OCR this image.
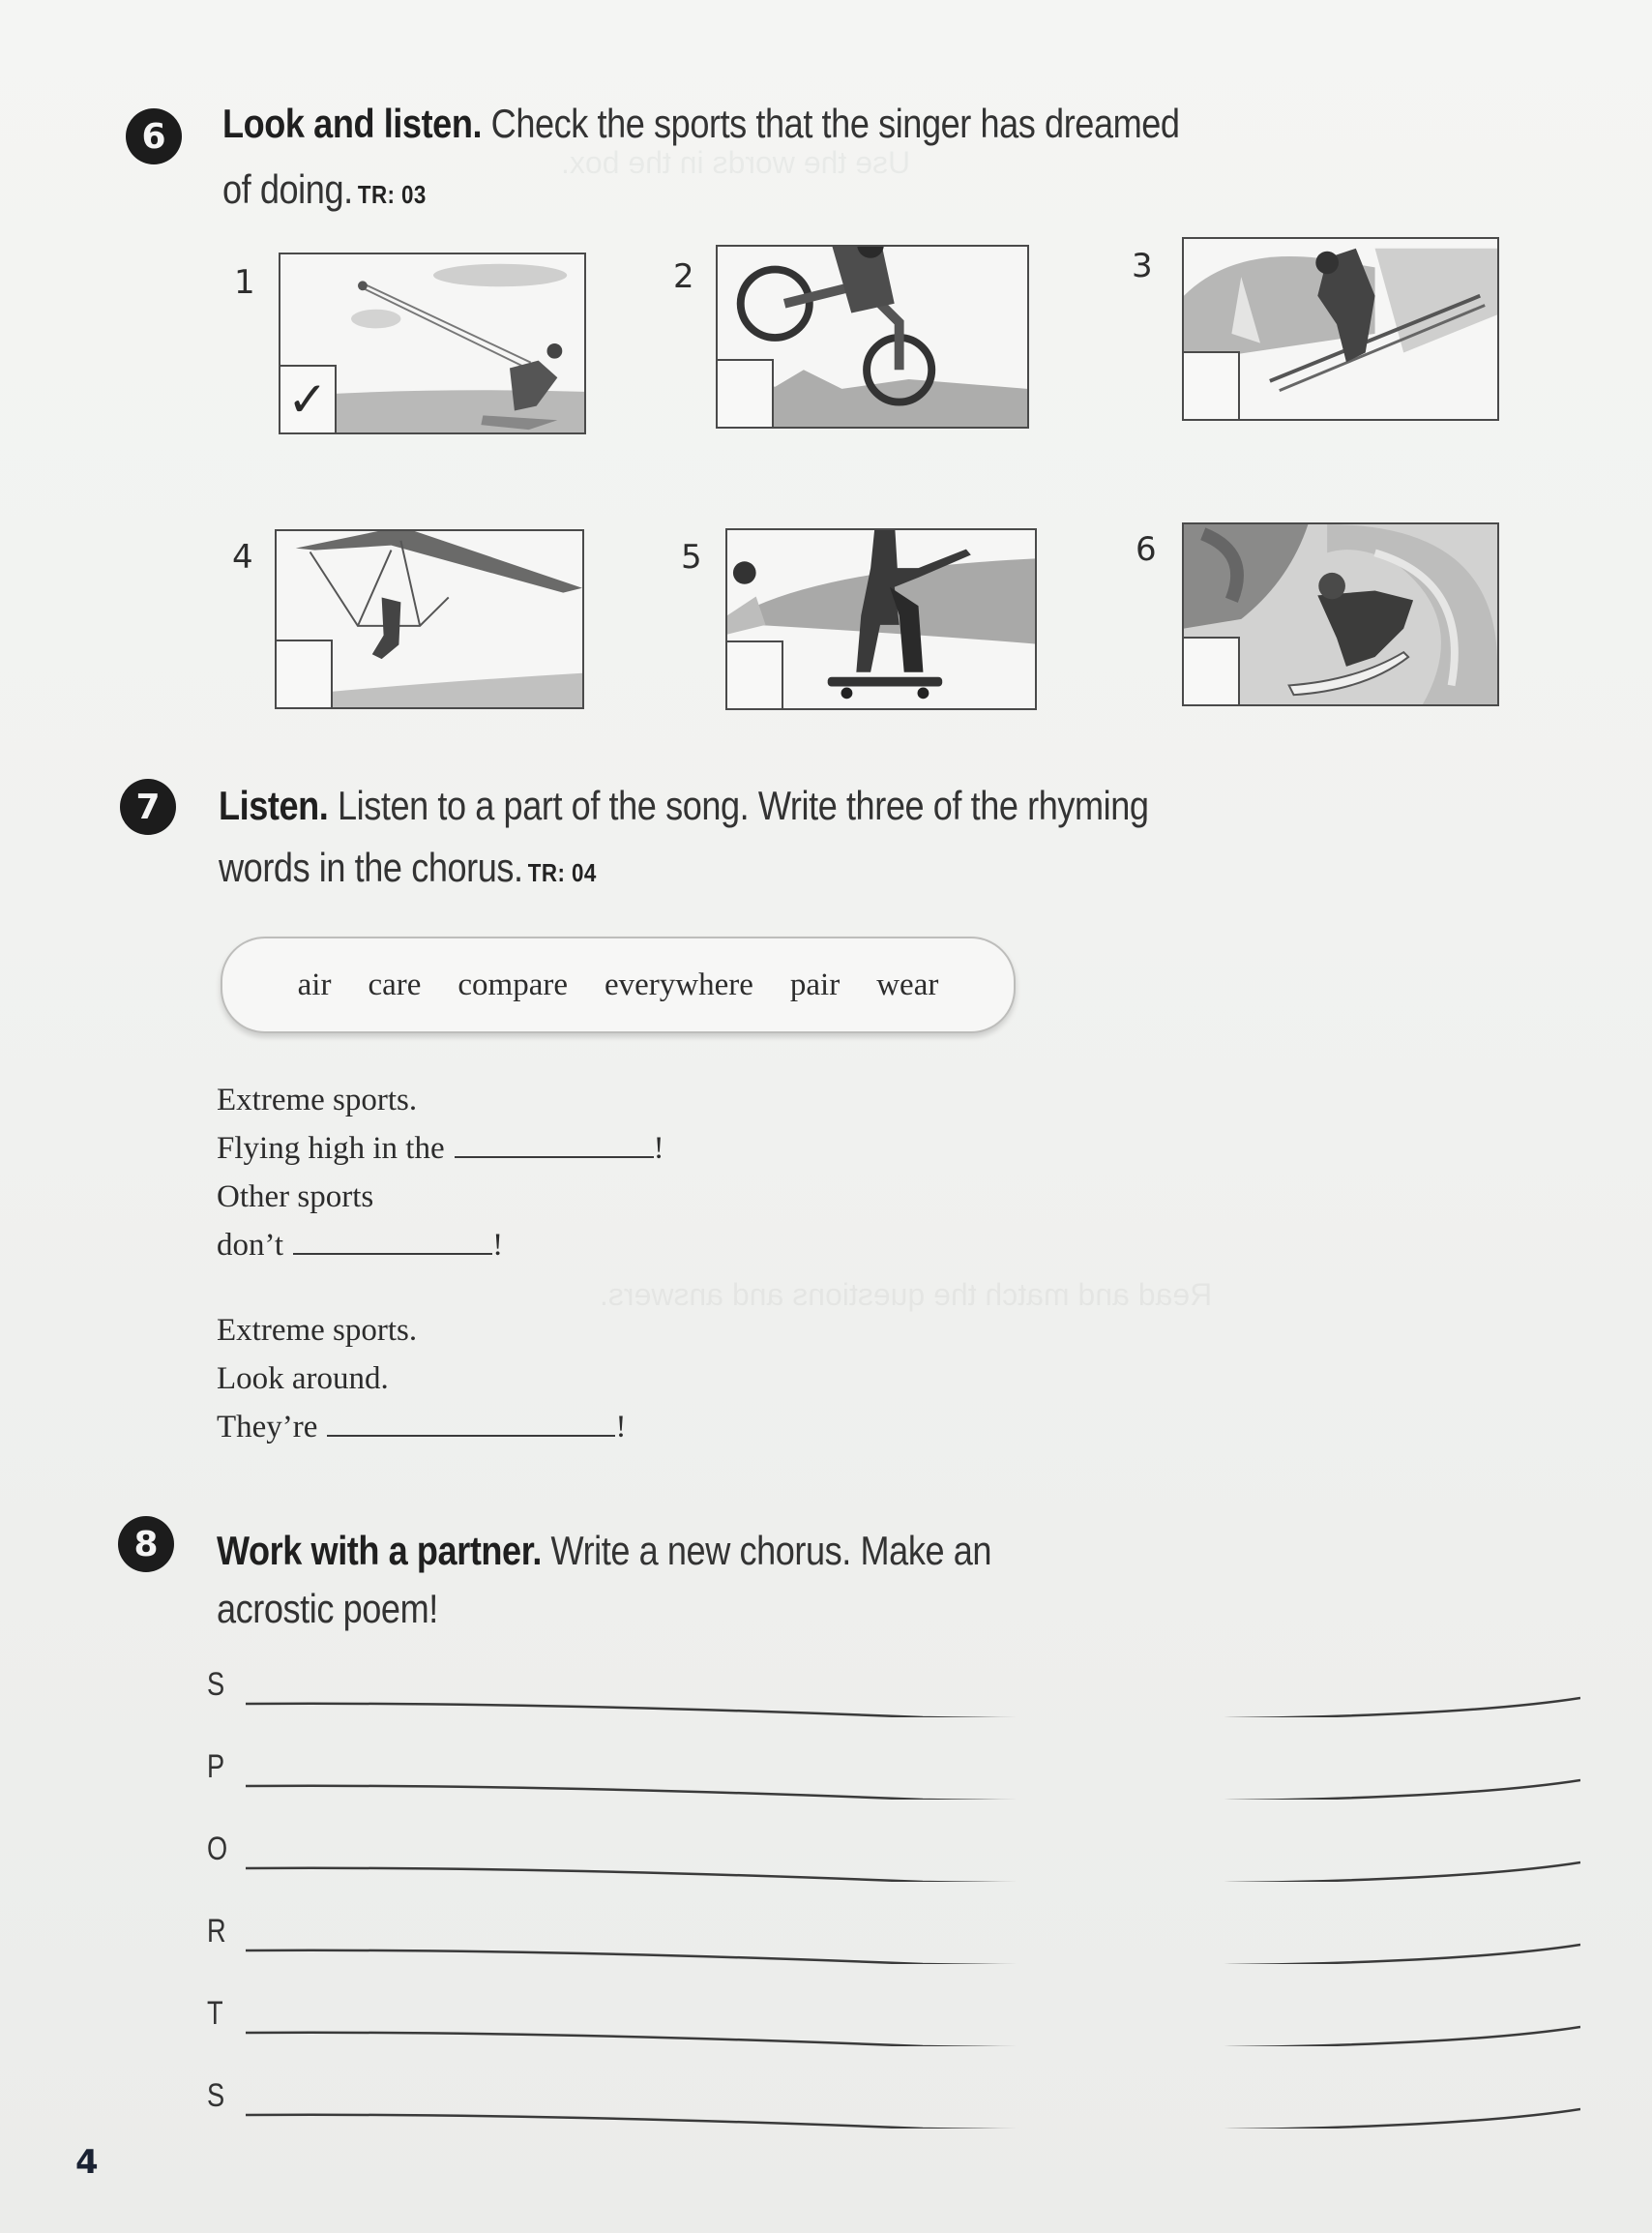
6	Look and listen. Check the sports that the singer has dreamed
of doing. TR: 03
1
✓
2	3
4	5	6
7	Listen. Listen to a part of the song. Write three of the rhyming
words in the chorus. TR: 04
air care compare everywhere pair wear
Extreme sports.
Flying high in the	!
Other sports
don’t	!
Extreme sports.
Look around.
They’re	!
8	Work with a partner. Write a new chorus. Make an
acrostic poem!
S
P
O
R
T
S
4
